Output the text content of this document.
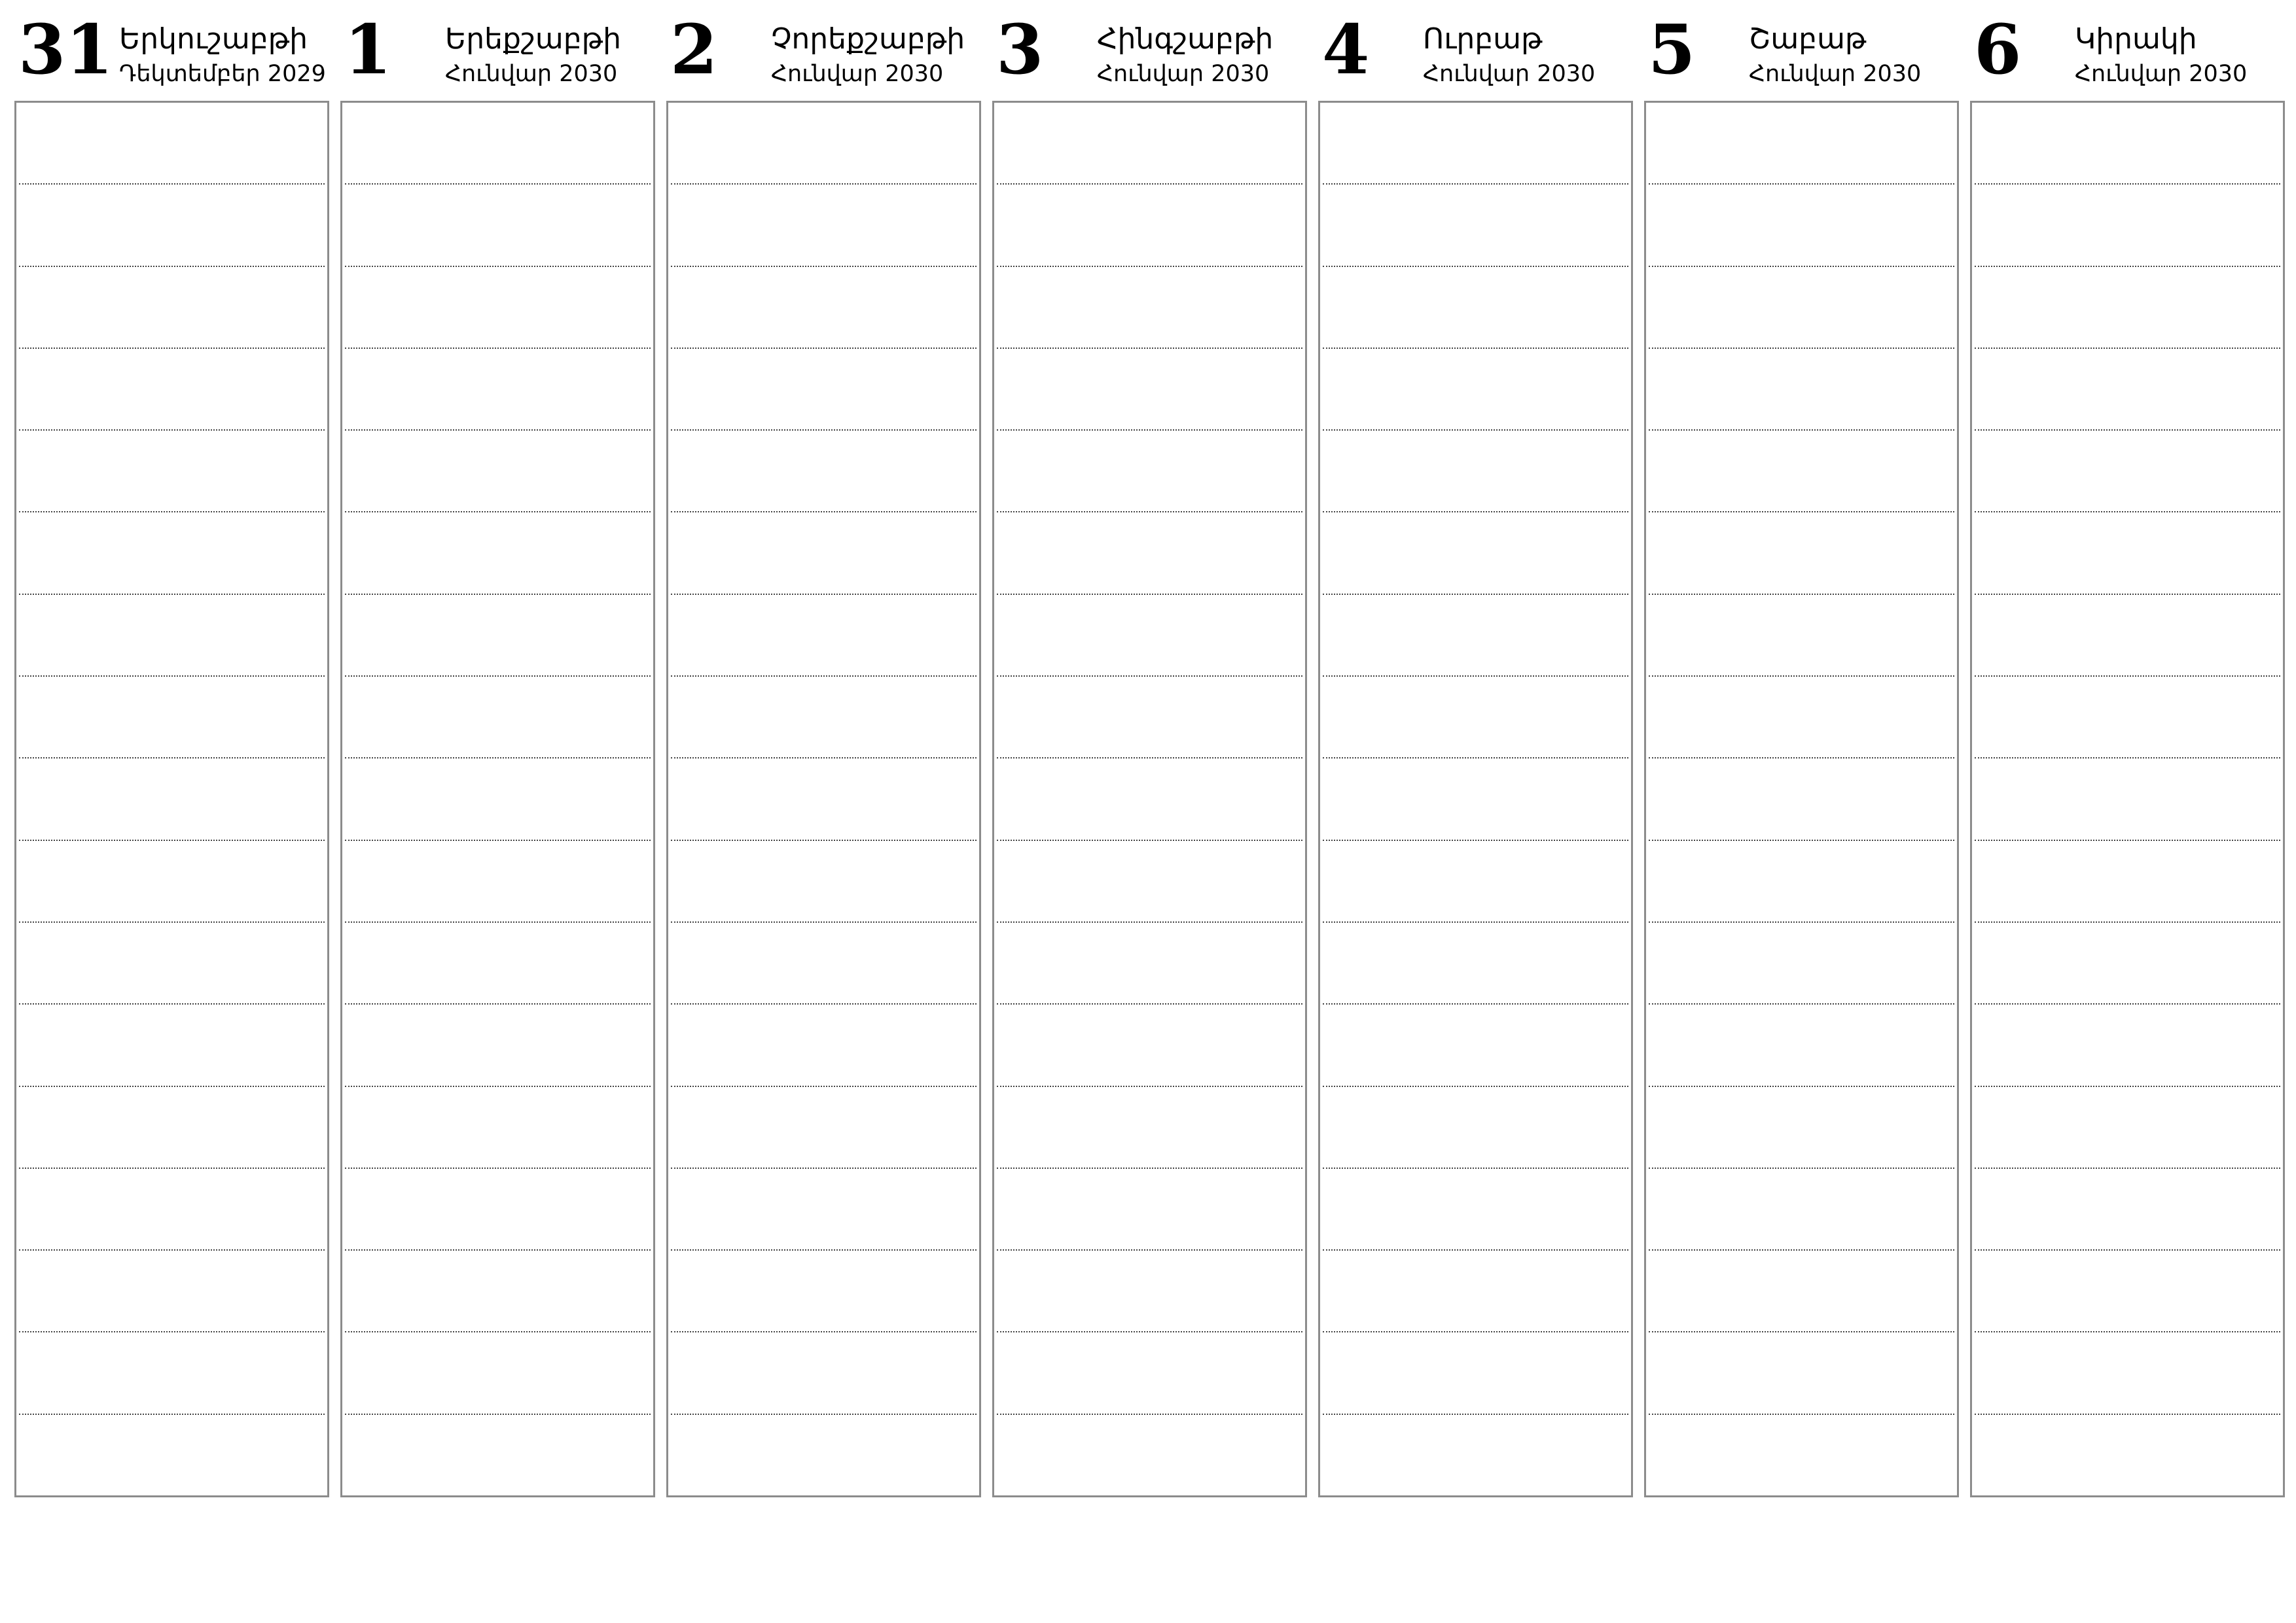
31 Երկուշաբթի
Դեկտեմբեր 2029 1 Երեքշաբթի
Հունվար 2030 2 Չորեքշաբթի
Հունվար 2030 3 Հինգշաբթի
Հունվար 2030 4 Ուրբաթ
Հունվար 2030 5 Շաբաթ
Հունվար 2030 6 Կիրակի
Հունվար 2030
